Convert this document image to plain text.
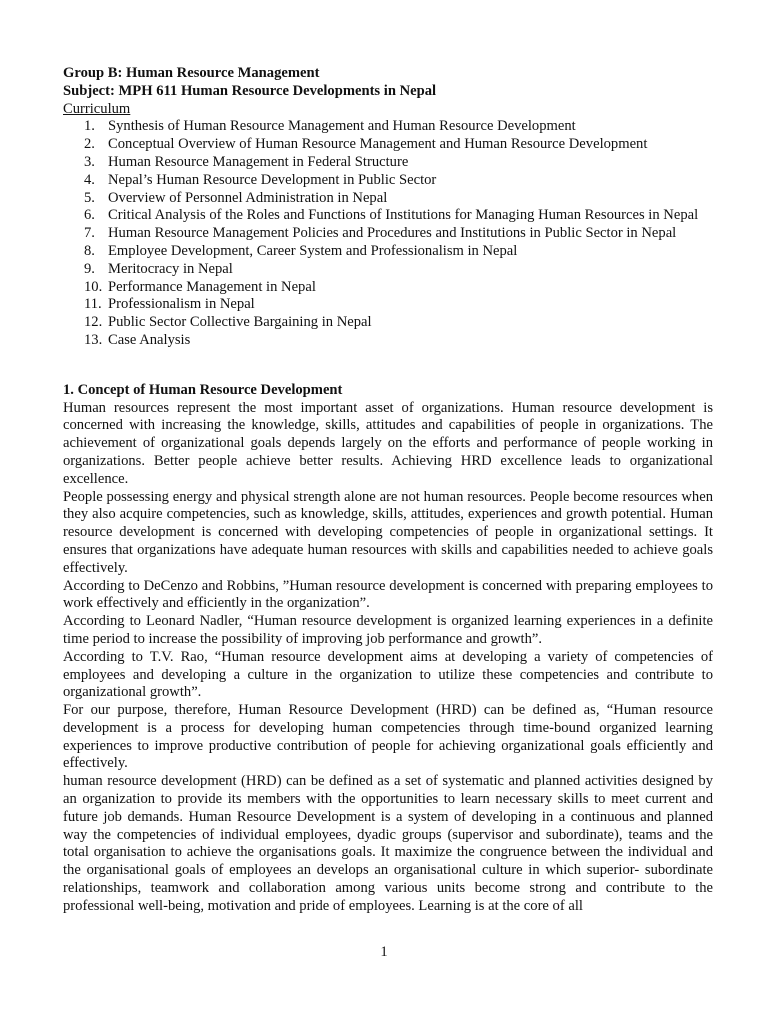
Group B: Human Resource Management

Subject: MPH 611 Human Resource Developments in Nepal

Curriculum

1. Synthesis of Human Resource Management and Human Resource Development
2. Conceptual Overview of Human Resource Management and Human Resource Development
3. Human Resource Management in Federal Structure
4. Nepal’s Human Resource Development in Public Sector
5. Overview of Personnel Administration in Nepal
6. Critical Analysis of the Roles and Functions of Institutions for Managing Human Resources in Nepal
7. Human Resource Management Policies and Procedures and Institutions in Public Sector in Nepal
8. Employee Development, Career System and Professionalism in Nepal
9. Meritocracy in Nepal
10. Performance Management in Nepal
11. Professionalism in Nepal
12. Public Sector Collective Bargaining in Nepal
13. Case Analysis

1. Concept of Human Resource Development

Human resources represent the most important asset of organizations. Human resource development is concerned with increasing the knowledge, skills, attitudes and capabilities of people in organizations. The achievement of organizational goals depends largely on the efforts and performance of people working in organizations. Better people achieve better results. Achieving HRD excellence leads to organizational excellence.

People possessing energy and physical strength alone are not human resources. People become resources when they also acquire competencies, such as knowledge, skills, attitudes, experiences and growth potential. Human resource development is concerned with developing competencies of people in organizational settings. It ensures that organizations have adequate human resources with skills and capabilities needed to achieve goals effectively.

According to DeCenzo and Robbins, ”Human resource development is concerned with preparing employees to work effectively and efficiently in the organization”.

According to Leonard Nadler, “Human resource development is organized learning experiences in a definite time period to increase the possibility of improving job performance and growth”.

According to T.V. Rao, “Human resource development aims at developing a variety of competencies of employees and developing a culture in the organization to utilize these competencies and contribute to organizational growth”.

For our purpose, therefore, Human Resource Development (HRD) can be defined as, “Human resource development is a process for developing human competencies through time-bound organized learning experiences to improve productive contribution of people for achieving organizational goals efficiently and effectively.

human resource development (HRD) can be defined as a set of systematic and planned activities designed by an organization to provide its members with the opportunities to learn necessary skills to meet current and future job demands. Human Resource Development is a system of developing in a continuous and planned way the competencies of individual employees, dyadic groups (supervisor and subordinate), teams and the total organisation to achieve the organisations goals. It maximize the congruence between the individual and the organisational goals of employees an develops an organisational culture in which superior- subordinate relationships, teamwork and collaboration among various units become strong and contribute to the professional well-being, motivation and pride of employees. Learning is at the core of all

1
